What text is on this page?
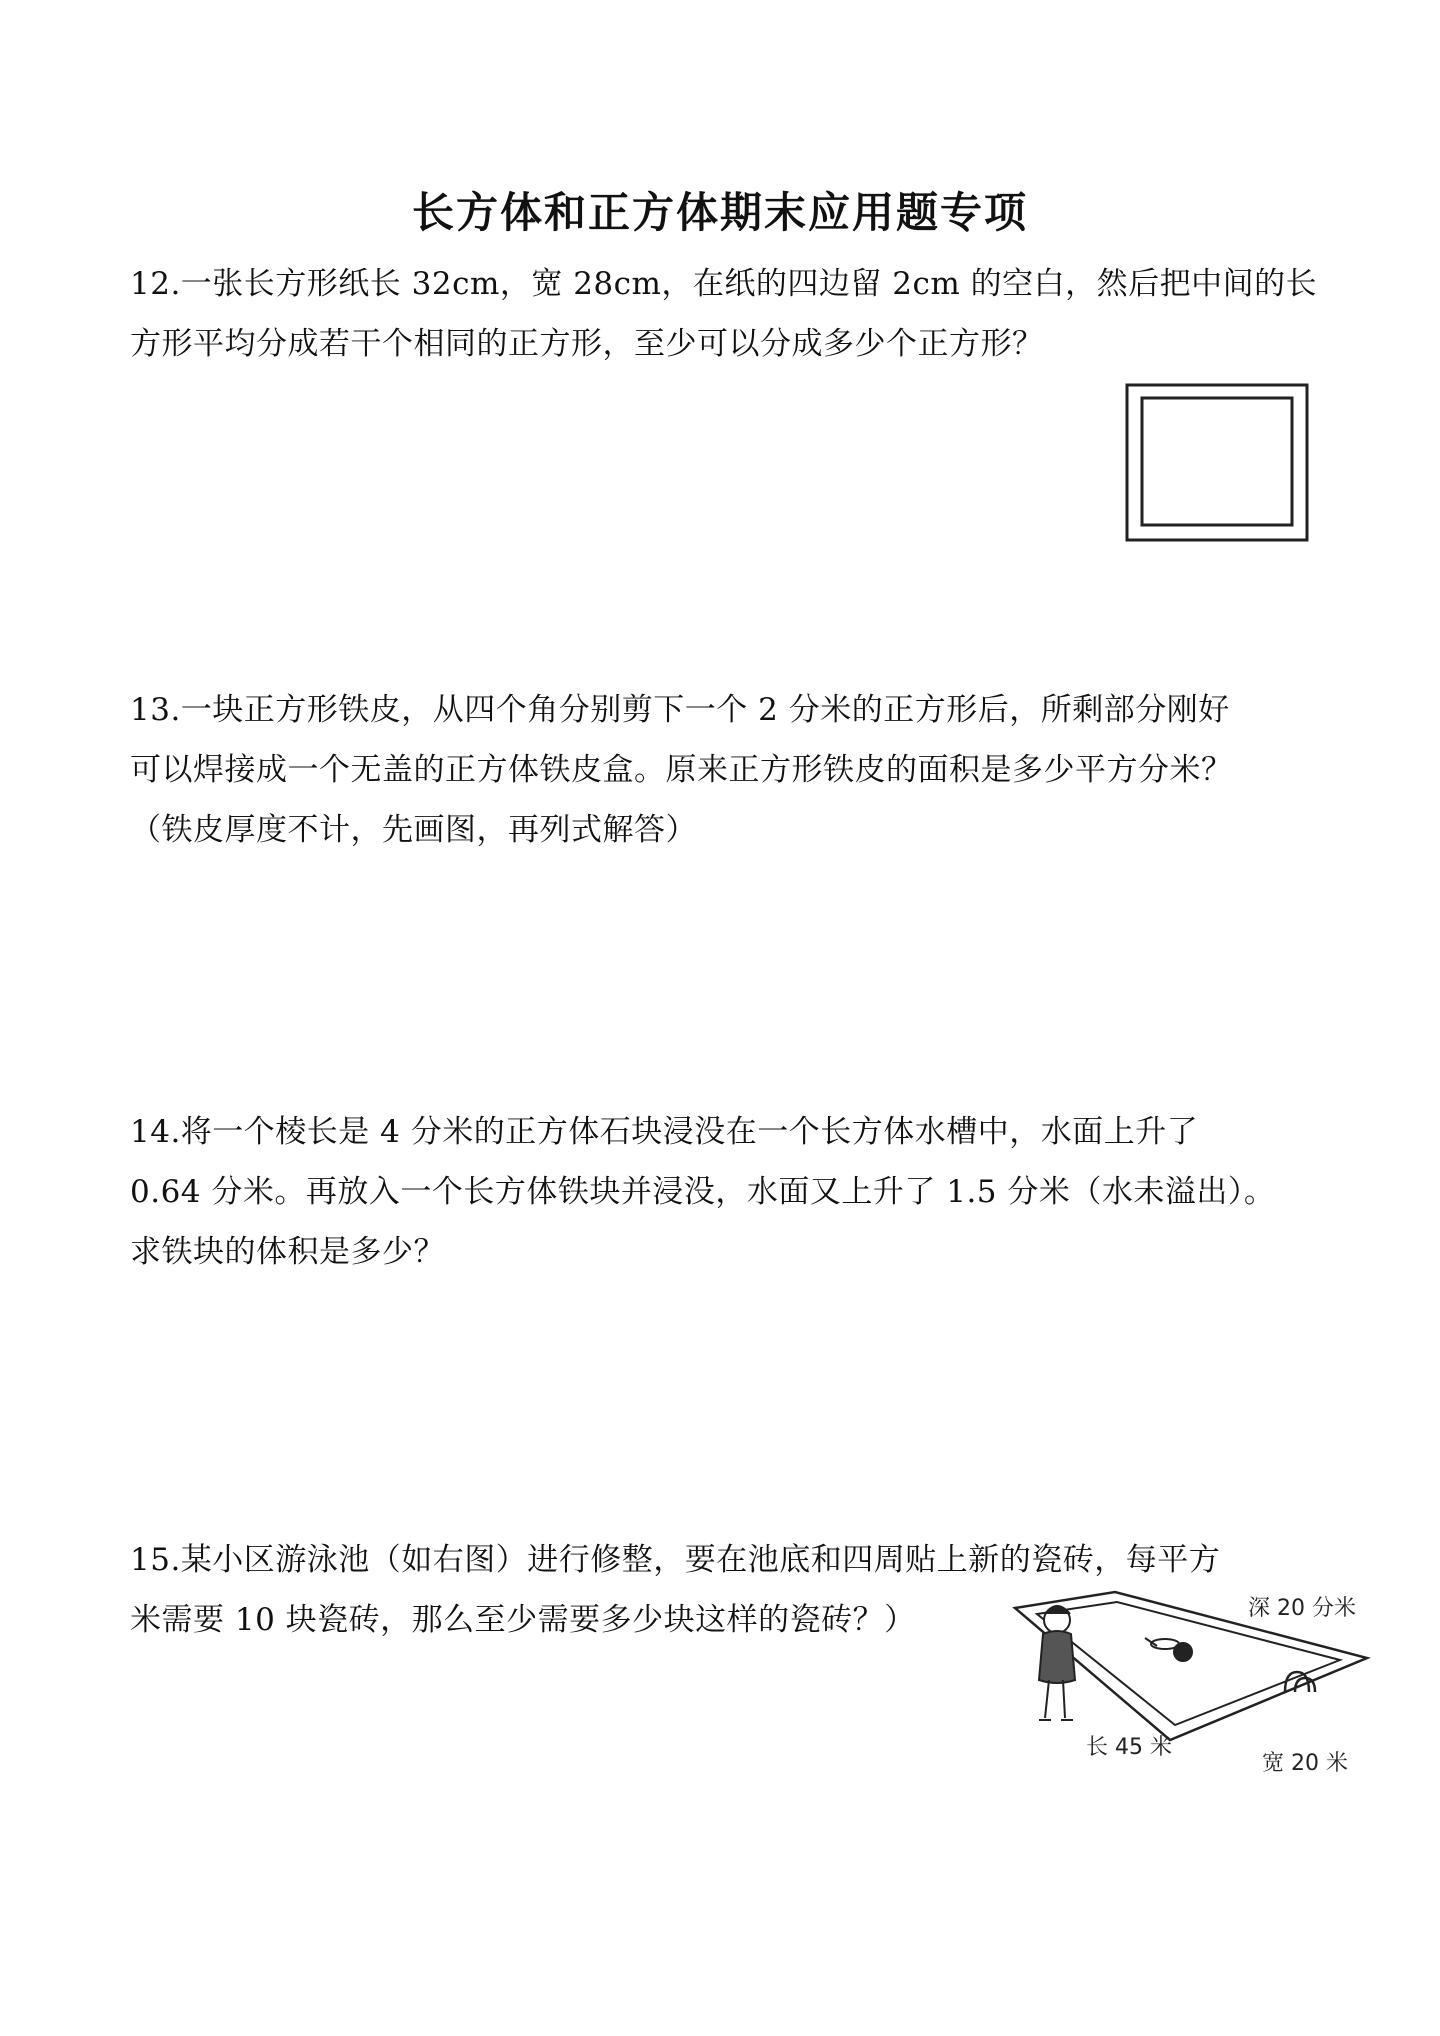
长方体和正方体期末应用题专项

12.一张长方形纸长 32cm，宽 28cm，在纸的四边留 2cm 的空白，然后把中间的长

方形平均分成若干个相同的正方形，至少可以分成多少个正方形？

13.一块正方形铁皮，从四个角分别剪下一个 2 分米的正方形后，所剩部分刚好

可以焊接成一个无盖的正方体铁皮盒。原来正方形铁皮的面积是多少平方分米？

（铁皮厚度不计，先画图，再列式解答）

14.将一个棱长是 4 分米的正方体石块浸没在一个长方体水槽中，水面上升了

0.64 分米。再放入一个长方体铁块并浸没，水面又上升了 1.5 分米（水未溢出）。

求铁块的体积是多少？

15.某小区游泳池（如右图）进行修整，要在池底和四周贴上新的瓷砖，每平方

米需要 10 块瓷砖，那么至少需要多少块这样的瓷砖？）	深 20 分米
长 45 米
宽 20 米
